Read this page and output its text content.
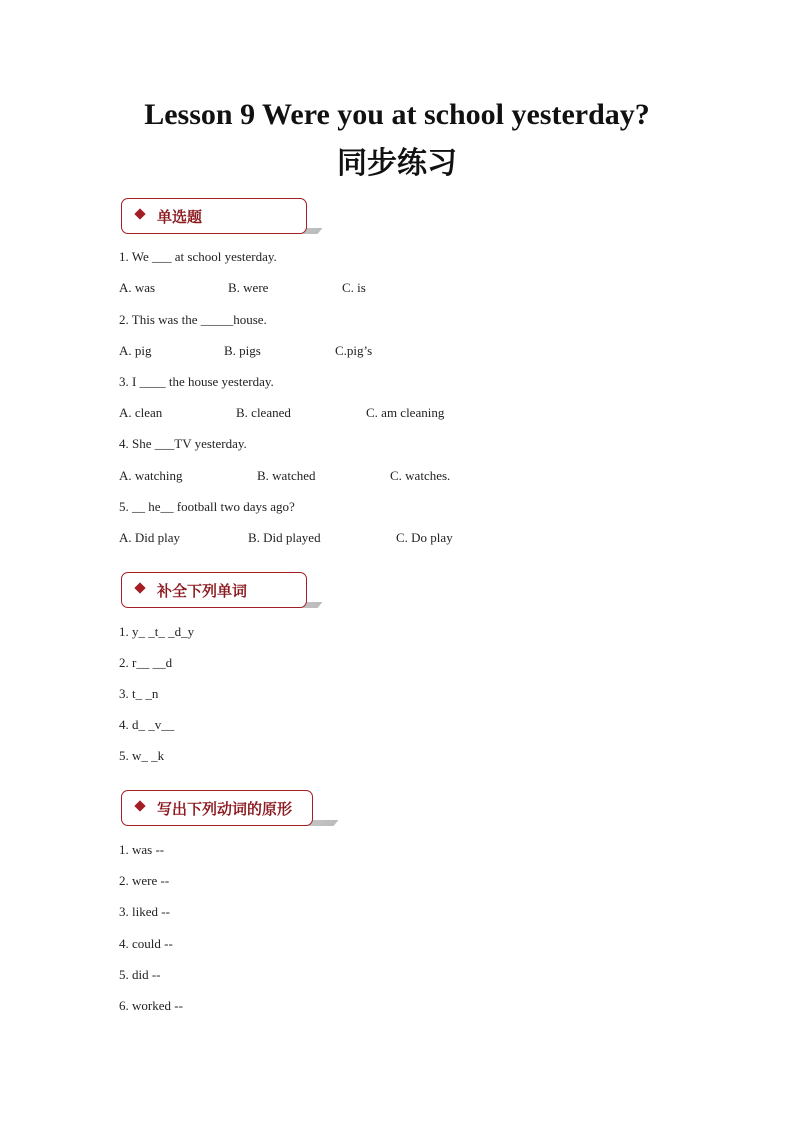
Lesson 9 Were you at school yesterday?
同步练习
单选题
1. We ___ at school yesterday.
A. was	B. were	C. is
2. This was the _____house.
A. pig	B. pigs	C.pig’s
3. I ____ the house yesterday.
A. clean	B. cleaned	C. am cleaning
4. She ___TV yesterday.
A. watching	B. watched	C. watches.
5. __ he__ football two days ago?
A. Did play	B. Did played	C. Do play
补全下列单词
1. y_ _t_ _d_y
2. r__ __d
3. t_ _n
4. d_ _v__
5. w_ _k
写出下列动词的原形
1. was --
2. were --
3. liked --
4. could --
5. did --
6. worked --
